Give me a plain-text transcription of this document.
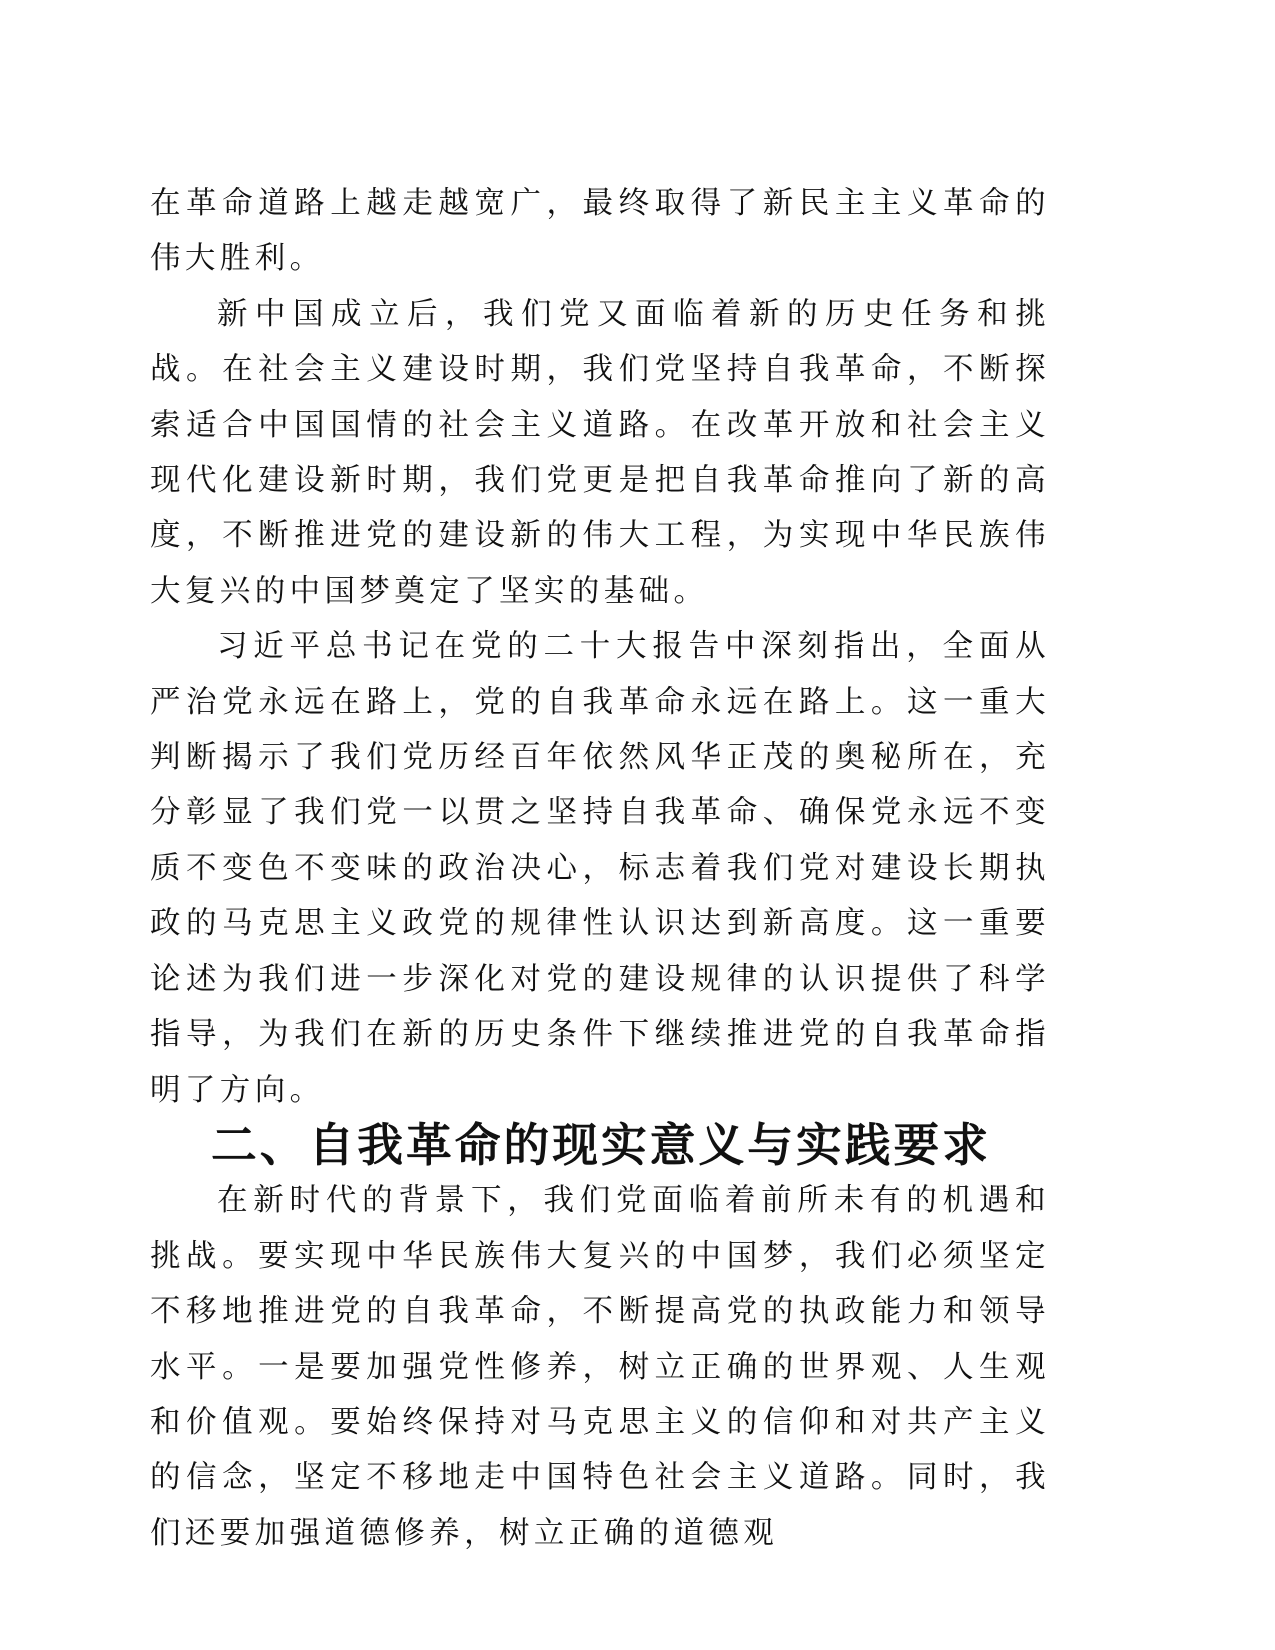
在革命道路上越走越宽广，最终取得了新民主主义革命的伟大胜利。

新中国成立后，我们党又面临着新的历史任务和挑战。在社会主义建设时期，我们党坚持自我革命，不断探索适合中国国情的社会主义道路。在改革开放和社会主义现代化建设新时期，我们党更是把自我革命推向了新的高度，不断推进党的建设新的伟大工程，为实现中华民族伟大复兴的中国梦奠定了坚实的基础。

习近平总书记在党的二十大报告中深刻指出，全面从严治党永远在路上，党的自我革命永远在路上。这一重大判断揭示了我们党历经百年依然风华正茂的奥秘所在，充分彰显了我们党一以贯之坚持自我革命、确保党永远不变质不变色不变味的政治决心，标志着我们党对建设长期执政的马克思主义政党的规律性认识达到新高度。这一重要论述为我们进一步深化对党的建设规律的认识提供了科学指导，为我们在新的历史条件下继续推进党的自我革命指明了方向。

二、自我革命的现实意义与实践要求

在新时代的背景下，我们党面临着前所未有的机遇和挑战。要实现中华民族伟大复兴的中国梦，我们必须坚定不移地推进党的自我革命，不断提高党的执政能力和领导水平。一是要加强党性修养，树立正确的世界观、人生观和价值观。要始终保持对马克思主义的信仰和对共产主义的信念，坚定不移地走中国特色社会主义道路。同时，我们还要加强道德修养，树立正确的道德观
